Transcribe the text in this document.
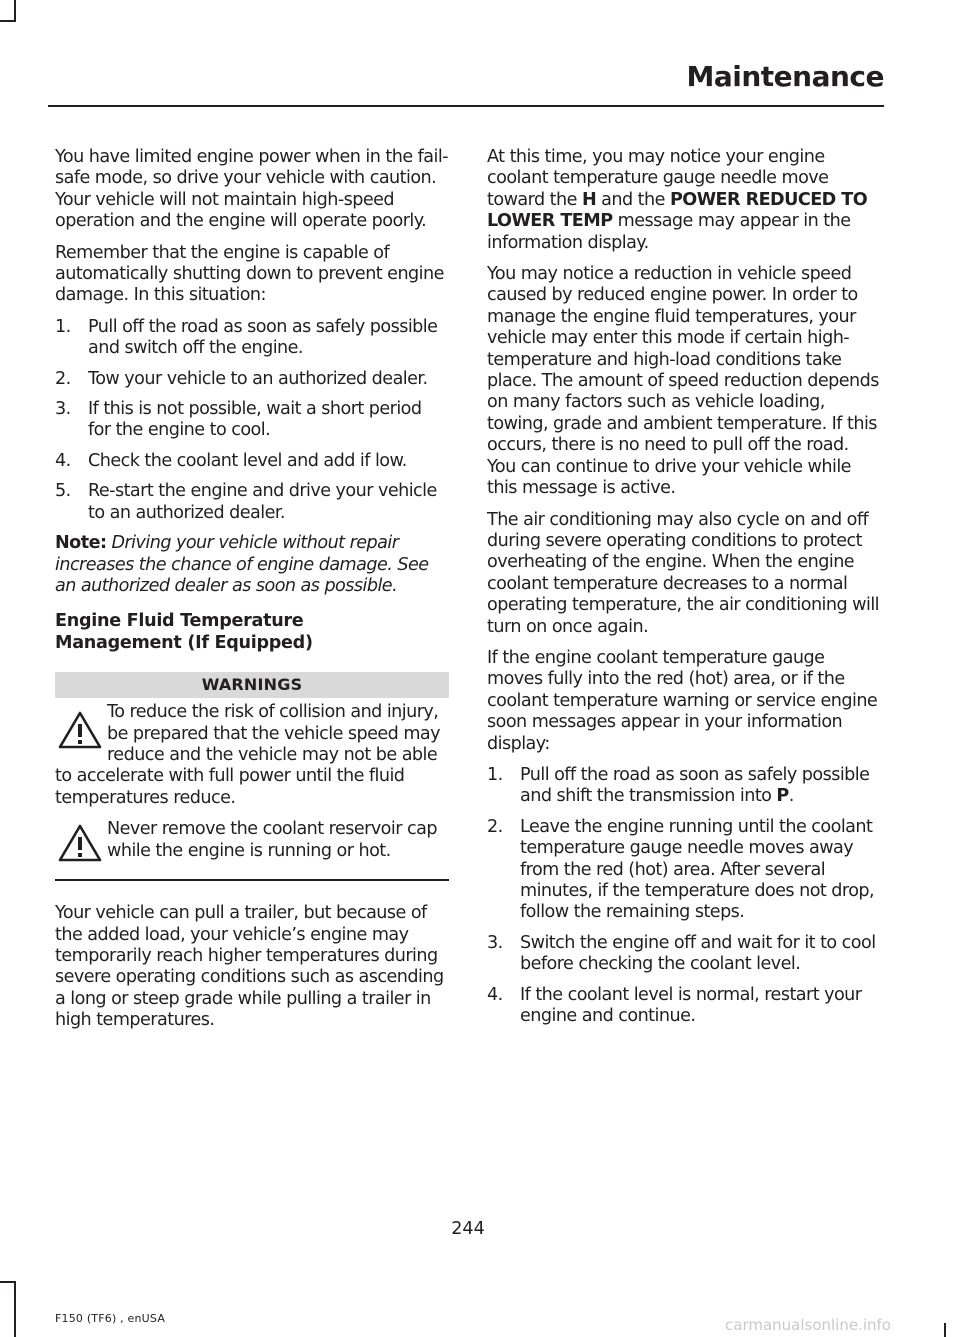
Maintenance

You have limited engine power when in the fail-safe mode, so drive your vehicle with caution. Your vehicle will not maintain high-speed operation and the engine will operate poorly.

Remember that the engine is capable of automatically shutting down to prevent engine damage. In this situation:

1. Pull off the road as soon as safely possible and switch off the engine.
2. Tow your vehicle to an authorized dealer.
3. If this is not possible, wait a short period for the engine to cool.
4. Check the coolant level and add if low.
5. Re-start the engine and drive your vehicle to an authorized dealer.

Note: Driving your vehicle without repair increases the chance of engine damage. See an authorized dealer as soon as possible.

Engine Fluid Temperature
Management (If Equipped)
WARNINGS
To reduce the risk of collision and injury, be prepared that the vehicle speed may reduce and the vehicle may not be able to accelerate with full power until the fluid temperatures reduce.
Never remove the coolant reservoir cap while the engine is running or hot.

Your vehicle can pull a trailer, but because of the added load, your vehicle’s engine may temporarily reach higher temperatures during severe operating conditions such as ascending a long or steep grade while pulling a trailer in high temperatures.

At this time, you may notice your engine coolant temperature gauge needle move toward the H and the POWER REDUCED TO LOWER TEMP message may appear in the information display.

You may notice a reduction in vehicle speed caused by reduced engine power. In order to manage the engine fluid temperatures, your vehicle may enter this mode if certain high-temperature and high-load conditions take place. The amount of speed reduction depends on many factors such as vehicle loading, towing, grade and ambient temperature. If this occurs, there is no need to pull off the road. You can continue to drive your vehicle while this message is active.

The air conditioning may also cycle on and off during severe operating conditions to protect overheating of the engine. When the engine coolant temperature decreases to a normal operating temperature, the air conditioning will turn on once again.

If the engine coolant temperature gauge moves fully into the red (hot) area, or if the coolant temperature warning or service engine soon messages appear in your information display:

1. Pull off the road as soon as safely possible and shift the transmission into P.
2. Leave the engine running until the coolant temperature gauge needle moves away from the red (hot) area. After several minutes, if the temperature does not drop, follow the remaining steps.
3. Switch the engine off and wait for it to cool before checking the coolant level.
4. If the coolant level is normal, restart your engine and continue.
244
F150 (TF6) , enUSA	carmanualsonline.info
